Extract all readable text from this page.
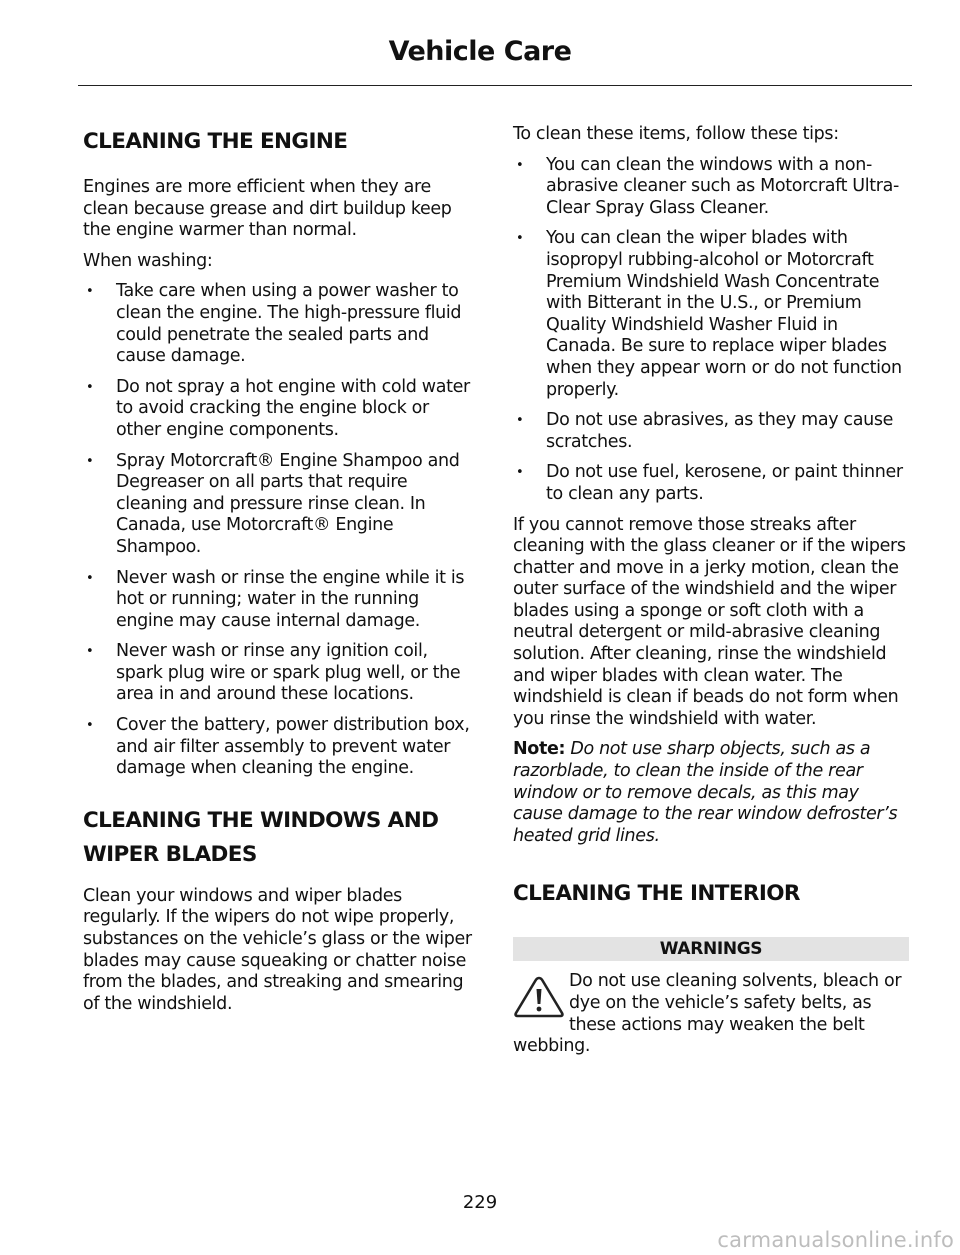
Vehicle Care
CLEANING THE ENGINE

Engines are more efficient when they are clean because grease and dirt buildup keep the engine warmer than normal.

When washing:

• Take care when using a power washer to clean the engine. The high-pressure fluid could penetrate the sealed parts and cause damage.
• Do not spray a hot engine with cold water to avoid cracking the engine block or other engine components.
• Spray Motorcraft® Engine Shampoo and Degreaser on all parts that require cleaning and pressure rinse clean. In Canada, use Motorcraft® Engine Shampoo.
• Never wash or rinse the engine while it is hot or running; water in the running engine may cause internal damage.
• Never wash or rinse any ignition coil, spark plug wire or spark plug well, or the area in and around these locations.
• Cover the battery, power distribution box, and air filter assembly to prevent water damage when cleaning the engine.
CLEANING THE WINDOWS AND
WIPER BLADES

Clean your windows and wiper blades regularly. If the wipers do not wipe properly, substances on the vehicle’s glass or the wiper blades may cause squeaking or chatter noise from the blades, and streaking and smearing of the windshield.

To clean these items, follow these tips:

• You can clean the windows with a non-abrasive cleaner such as Motorcraft Ultra-Clear Spray Glass Cleaner.
• You can clean the wiper blades with isopropyl rubbing-alcohol or Motorcraft Premium Windshield Wash Concentrate with Bitterant in the U.S., or Premium Quality Windshield Washer Fluid in Canada. Be sure to replace wiper blades when they appear worn or do not function properly.
• Do not use abrasives, as they may cause scratches.
• Do not use fuel, kerosene, or paint thinner to clean any parts.

If you cannot remove those streaks after cleaning with the glass cleaner or if the wipers chatter and move in a jerky motion, clean the outer surface of the windshield and the wiper blades using a sponge or soft cloth with a neutral detergent or mild-abrasive cleaning solution. After cleaning, rinse the windshield and wiper blades with clean water. The windshield is clean if beads do not form when you rinse the windshield with water.

Note: Do not use sharp objects, such as a razorblade, to clean the inside of the rear window or to remove decals, as this may cause damage to the rear window defroster’s heated grid lines.

CLEANING THE INTERIOR
WARNINGS
Do not use cleaning solvents, bleach or dye on the vehicle’s safety belts, as these actions may weaken the belt webbing.
229
carmanualsonline.info
